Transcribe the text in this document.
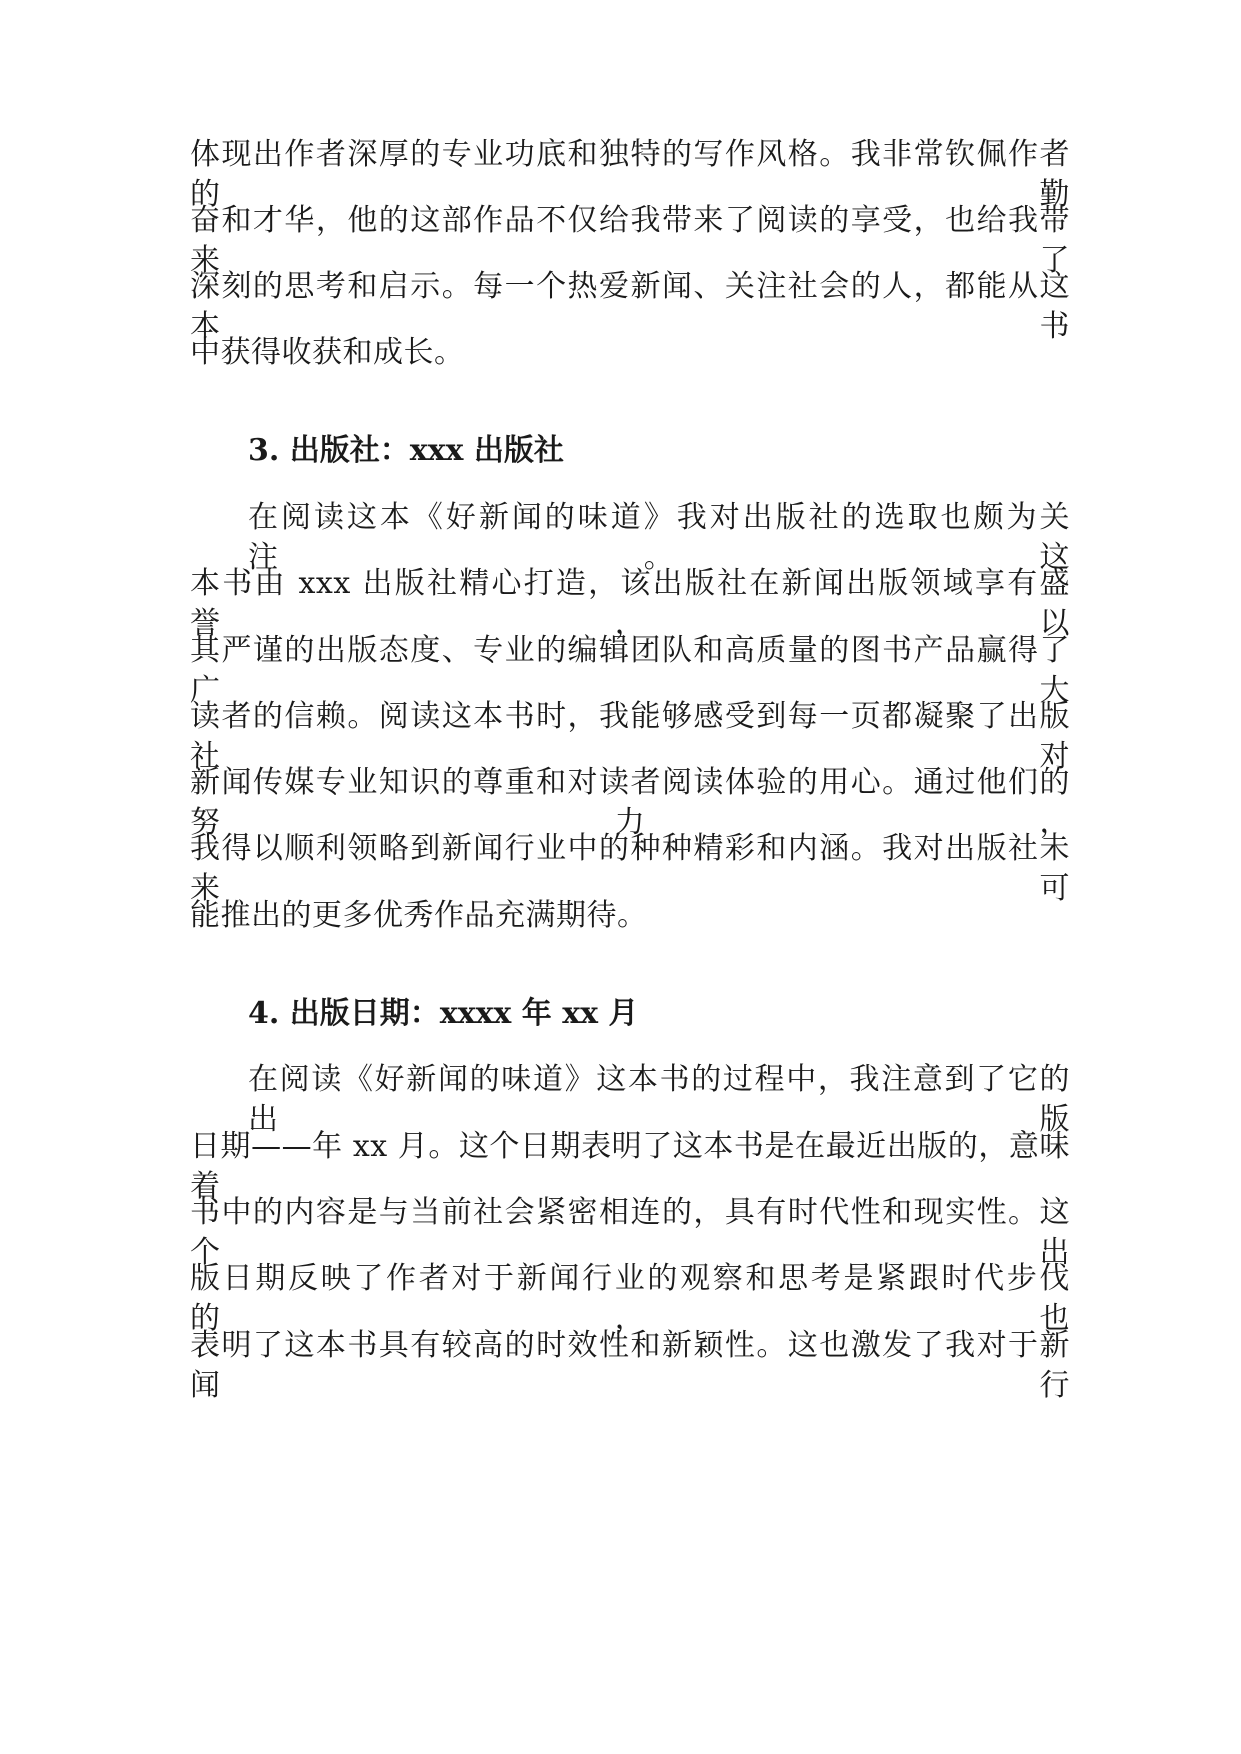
体现出作者深厚的专业功底和独特的写作风格。我非常钦佩作者的勤
奋和才华，他的这部作品不仅给我带来了阅读的享受，也给我带来了
深刻的思考和启示。每一个热爱新闻、关注社会的人，都能从这本书
中获得收获和成长。
3. 出版社：xxx 出版社
在阅读这本《好新闻的味道》我对出版社的选取也颇为关注。这
本书由 xxx 出版社精心打造，该出版社在新闻出版领域享有盛誉，以
其严谨的出版态度、专业的编辑团队和高质量的图书产品赢得了广大
读者的信赖。阅读这本书时，我能够感受到每一页都凝聚了出版社对
新闻传媒专业知识的尊重和对读者阅读体验的用心。通过他们的努力，
我得以顺利领略到新闻行业中的种种精彩和内涵。我对出版社未来可
能推出的更多优秀作品充满期待。
4. 出版日期：xxxx 年 xx 月
在阅读《好新闻的味道》这本书的过程中，我注意到了它的出版
日期——年 xx 月。这个日期表明了这本书是在最近出版的，意味着
书中的内容是与当前社会紧密相连的，具有时代性和现实性。这个出
版日期反映了作者对于新闻行业的观察和思考是紧跟时代步伐的，也
表明了这本书具有较高的时效性和新颖性。这也激发了我对于新闻行
